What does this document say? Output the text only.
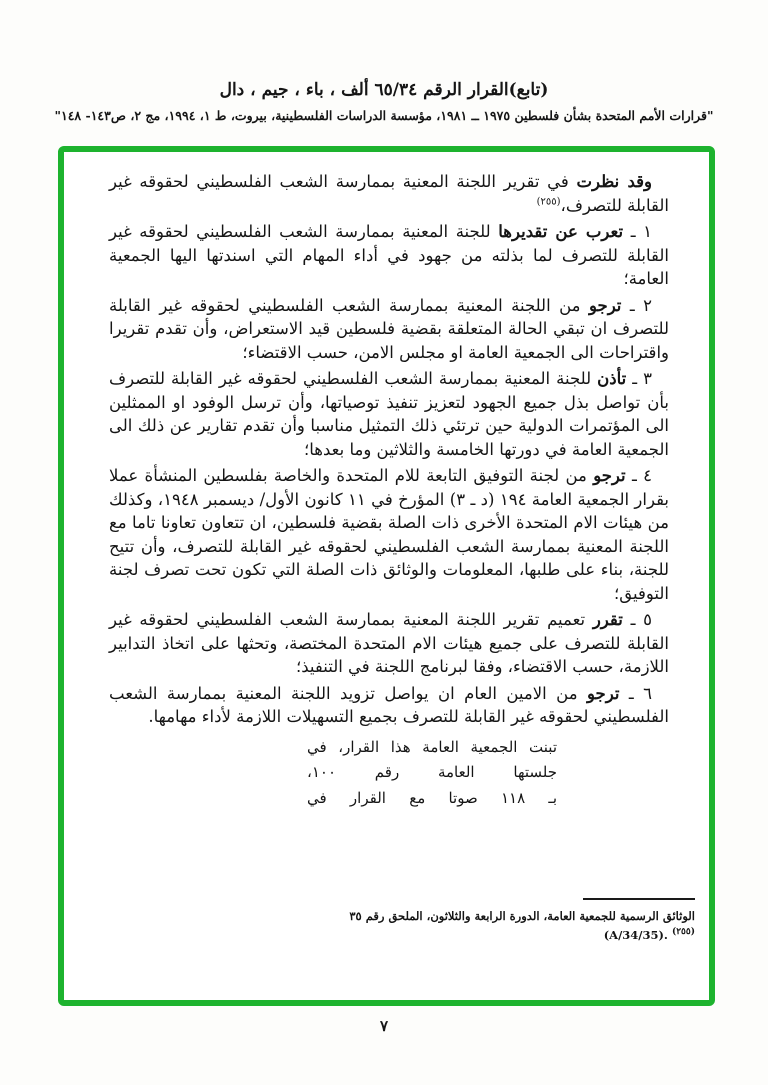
(تابع)القرار الرقم ٦٥/٣٤ ألف ، باء ، جيم ، دال
"قرارات الأمم المتحدة بشأن فلسطين ١٩٧٥ ــ ١٩٨١، مؤسسة الدراسات الفلسطينية، بيروت، ط ١، ١٩٩٤، مج ٢، ص١٤٣- ١٤٨"

وقد نظرت في تقرير اللجنة المعنية بممارسة الشعب الفلسطيني لحقوقه غير القابلة للتصرف،$^{(٢٥٥)}$

١ ـ تعرب عن تقديرها للجنة المعنية بممارسة الشعب الفلسطيني لحقوقه غير القابلة للتصرف لما بذلته من جهود في أداء المهام التي اسندتها اليها الجمعية العامة؛

٢ ـ ترجو من اللجنة المعنية بممارسة الشعب الفلسطيني لحقوقه غير القابلة للتصرف ان تبقي الحالة المتعلقة بقضية فلسطين قيد الاستعراض، وأن تقدم تقريرا واقتراحات الى الجمعية العامة او مجلس الامن، حسب الاقتضاء؛

٣ ـ تأذن للجنة المعنية بممارسة الشعب الفلسطيني لحقوقه غير القابلة للتصرف بأن تواصل بذل جميع الجهود لتعزيز تنفيذ توصياتها، وأن ترسل الوفود او الممثلين الى المؤتمرات الدولية حين ترتئي ذلك التمثيل مناسبا وأن تقدم تقارير عن ذلك الى الجمعية العامة في دورتها الخامسة والثلاثين وما بعدها؛

٤ ـ ترجو من لجنة التوفيق التابعة للام المتحدة والخاصة بفلسطين المنشأة عملا بقرار الجمعية العامة ١٩٤ (د ـ ٣) المؤرخ في ١١ كانون الأول/ ديسمبر ١٩٤٨، وكذلك من هيئات الام المتحدة الأخرى ذات الصلة بقضية فلسطين، ان تتعاون تعاونا تاما مع اللجنة المعنية بممارسة الشعب الفلسطيني لحقوقه غير القابلة للتصرف، وأن تتيح للجنة، بناء على طلبها، المعلومات والوثائق ذات الصلة التي تكون تحت تصرف لجنة التوفيق؛

٥ ـ تقرر تعميم تقرير اللجنة المعنية بممارسة الشعب الفلسطيني لحقوقه غير القابلة للتصرف على جميع هيئات الام المتحدة المختصة، وتحثها على اتخاذ التدابير اللازمة، حسب الاقتضاء، وفقا لبرنامج اللجنة في التنفيذ؛

٦ ـ ترجو من الامين العام ان يواصل تزويد اللجنة المعنية بممارسة الشعب الفلسطيني لحقوقه غير القابلة للتصرف بجميع التسهيلات اللازمة لأداء مهامها.

تبنت الجمعية العامة هذا القرار، في
جلستها العامة رقم ١٠٠،
بـ ١١٨ صوتا مع القرار في
الوثائق الرسمية للجمعية العامة، الدورة الرابعة والثلاثون، الملحق رقم ٣٥
$^{(٢٥٥)}$ (A/34/35).
٧
